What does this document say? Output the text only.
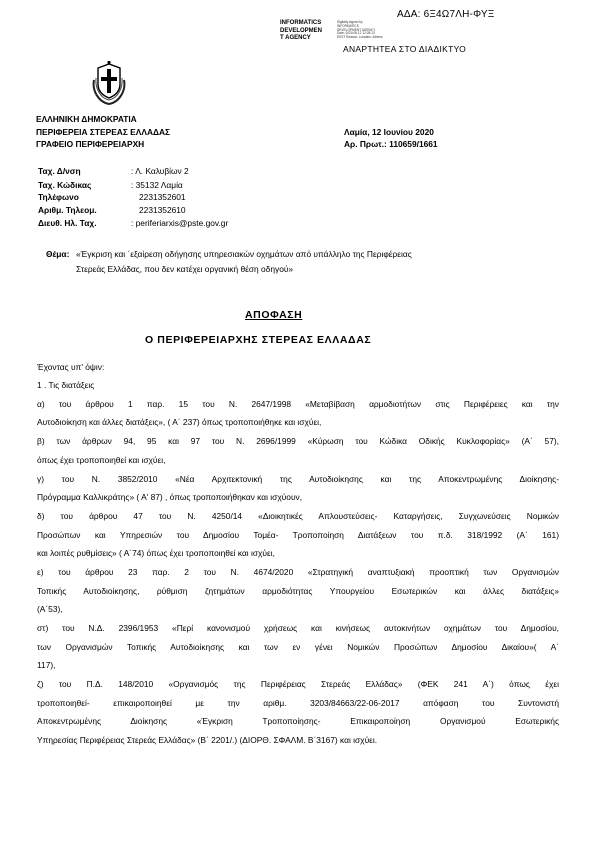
ΑΔΑ: 6Ξ4Ω7ΛΗ-ΦΥΞ
INFORMATICS
DEVELOPMEN
T AGENCY
Digitally signed by INFORMATICS DEVELOPMENT AGENCY Date: 2020.06.12 12:28:13 EEST Reason: Location: Athens
ΑΝΑΡΤΗΤΕΑ ΣΤΟ ΔΙΑΔΙΚΤΥΟ
ΕΛΛΗΝΙΚΗ ΔΗΜΟΚΡΑΤΙΑ
ΠΕΡΙΦΕΡΕΙΑ ΣΤΕΡΕΑΣ ΕΛΛΑΔΑΣ
ΓΡΑΦΕΙΟ ΠΕΡΙΦΕΡΕΙΑΡΧΗ
Λαμία, 12 Ιουνίου 2020
Αρ. Πρωτ.: 110659/1661
Ταχ. Δ/νση
Ταχ. Κώδικας
Τηλέφωνο
Αριθμ. Τηλεομ.
Διευθ. Ηλ. Ταχ.
: Λ. Καλυβίων 2
: 35132 Λαμία
2231352601
2231352610
: periferiarxis@pste.gov.gr
Θέμα: «Έγκριση και ΄εξαίρεση οδήγησης υπηρεσιακών οχημάτων από υπάλληλο της Περιφέρειας
Στερεάς Ελλάδας, που δεν κατέχει οργανική θέση οδηγού»
ΑΠΟΦΑΣΗ
Ο ΠΕΡΙΦΕΡΕΙΑΡΧΗΣ ΣΤΕΡΕΑΣ ΕΛΛΑΔΑΣ
Έχοντας υπ' όψιν:
1 . Τις διατάξεις
α) του άρθρου 1 παρ. 15 του Ν. 2647/1998 «Μεταβίβαση αρμοδιοτήτων στις Περιφέρειες και την
Αυτοδιοίκηση και άλλες διατάξεις», ( Α΄ 237) όπως τροποποιήθηκε και ισχύει,
β) των άρθρων 94, 95 και 97 του Ν. 2696/1999 «Κύρωση του Κώδικα Οδικής Κυκλοφορίας» (Α΄ 57),
όπως έχει τροποποιηθεί και ισχύει,
γ) του Ν. 3852/2010 «Νέα Αρχιτεκτονική της Αυτοδιοίκησης και της Αποκεντρωμένης Διοίκησης-
Πρόγραμμα Καλλικράτης» ( Α' 87) , όπως τροποποιήθηκαν και ισχύουν,
δ) του άρθρου 47 του Ν. 4250/14 «Διοικητικές Απλουστεύσεις- Καταργήσεις, Συγχωνεύσεις Νομικών
Προσώπων και Υπηρεσιών του Δημοσίου Τομέα- Τροποποίηση Διατάξεων του π.δ. 318/1992 (Α΄ 161)
και λοιπές ρυθμίσεις» ( Α΄74) όπως έχει τροποποιηθεί και ισχύει,
ε) του άρθρου 23 παρ. 2 του Ν. 4674/2020 «Στρατηγική αναπτυξιακή προοπτική των Οργανισμών
Τοπικής Αυτοδιοίκησης, ρύθμιση ζητημάτων αρμοδιότητας Υπουργείου Εσωτερικών και άλλες διατάξεις»
(Α΄53),
στ) του Ν.Δ. 2396/1953 «Περί κανονισμού χρήσεως και κινήσεως αυτοκινήτων οχημάτων του Δημοσίου,
των Οργανισμών Τοπικής Αυτοδιοίκησης και των εν γένει Νομικών Προσώπων Δημοσίου Δικαίου»( Α΄
117),
ζ) του Π.Δ. 148/2010 «Οργανισμός της Περιφέρειας Στερεάς Ελλάδας» (ΦΕΚ 241 Α΄) όπως έχει
τροποποιηθεί- επικαιροποιηθεί με την αριθμ. 3203/84663/22-06-2017 απόφαση του Συντονιστή
Αποκεντρωμένης Διοίκησης «Έγκριση Τροποποίησης- Επικαιροποίηση Οργανισμού Εσωτερικής
Υπηρεσίας Περιφέρειας Στερεάς Ελλάδας» (Β΄ 2201/.) (ΔΙΟΡΘ. ΣΦΑΛΜ. Β΄3167) και ισχύει.
